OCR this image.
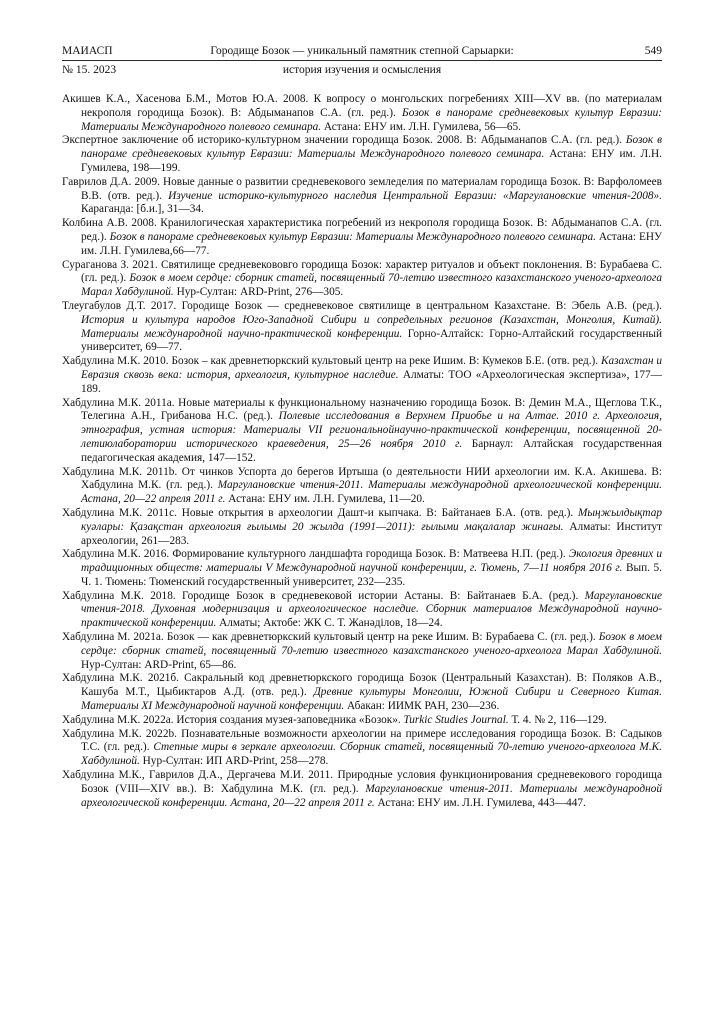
МАИАСП	Городище Бозок — уникальный памятник степной Сарыарки:	549
№ 15. 2023	история изучения и осмысления

Акишев К.А., Хасенова Б.М., Мотов Ю.А. 2008. К вопросу о монгольских погребениях XIII—XV вв. (по материалам некрополя городища Бозок). В: Абдыманапов С.А. (гл. ред.). Бозок в панораме средневековых культур Евразии: Материалы Международного полевого семинара. Астана: ЕНУ им. Л.Н. Гумилева, 56—65.

Экспертное заключение об историко-культурном значении городища Бозок. 2008. В: Абдыманапов С.А. (гл. ред.). Бозок в панораме средневековых культур Евразии: Материалы Международного полевого семинара. Астана: ЕНУ им. Л.Н. Гумилева, 198—199.

Гаврилов Д.А. 2009. Новые данные о развитии средневекового земледелия по материалам городища Бозок. В: Варфоломеев В.В. (отв. ред.). Изучение историко-культурного наследия Центральной Евразии: «Маргулановские чтения-2008». Караганда: [б.и.], 31—34.

Колбина А.В. 2008. Кранилогическая характеристика погребений из некрополя городища Бозок. В: Абдыманапов С.А. (гл. ред.). Бозок в панораме средневековых культур Евразии: Материалы Международного полевого семинара. Астана: ЕНУ им. Л.Н. Гумилева,66—77.

Сураганова З. 2021. Святилище средневекововго городища Бозок: характер ритуалов и объект поклонения. В: Бурабаева С. (гл. ред.). Бозок в моем сердце: сборник статей, посвященный 70-летию известного казахстанского ученого-археолога Марал Хабдулиной. Нур-Султан: ARD-Print, 276—305.

Тлеугабулов Д.Т. 2017. Городище Бозок — средневековое святилище в центральном Казахстане. В: Эбель А.В. (ред.). История и культура народов Юго-Западной Сибири и сопредельных регионов (Казахстан, Монголия, Китай). Материалы международной научно-практической конференции. Горно-Алтайск: Горно-Алтайский государственный университет, 69—77.

Хабдулина М.К. 2010. Бозок – как древнетюркский культовый центр на реке Ишим. В: Кумеков Б.Е. (отв. ред.). Казахстан и Евразия сквозь века: история, археология, культурное наследие. Алматы: ТОО «Археологическая экспертиза», 177—189.

Хабдулина М.К. 2011a. Новые материалы к функциональному назначению городища Бозок. В: Демин М.А., Щеглова Т.К., Телегина А.Н., Грибанова Н.С. (ред.). Полевые исследования в Верхнем Приобье и на Алтае. 2010 г. Археология, этнография, устная история: Материалы VII региональнойнаучно-практической конференции, посвященной 20-летиюлаборатории исторического краеведения, 25—26 ноября 2010 г. Барнаул: Алтайская государственная педагогическая академия, 147—152.

Хабдулина М.К. 2011b. От чинков Успорта до берегов Иртыша (о деятельности НИИ археологии им. К.А. Акишева. В: Хабдулина М.К. (гл. ред.). Маргулановские чтения-2011. Материалы международной археологической конференции. Астана, 20—22 апреля 2011 г. Астана: ЕНУ им. Л.Н. Гумилева, 11—20.

Хабдулина М.К. 2011c. Новые открытия в археологии Дашт-и кыпчака. В: Байтанаев Б.А. (отв. ред.). Мыңжылдықтар куәлары: Қазақстан археология ғылымы 20 жылда (1991—2011): ғылыми мақалалар жинағы. Алматы: Институт археологии, 261—283.

Хабдулина М.К. 2016. Формирование культурного ландшафта городища Бозок. В: Матвеева Н.П. (ред.). Экология древних и традиционных обществ: материалы V Международной научной конференции, г. Тюмень, 7—11 ноября 2016 г. Вып. 5. Ч. 1. Тюмень: Тюменский государственный университет, 232—235.

Хабдулина М.К. 2018. Городище Бозок в средневековой истории Астаны. В: Байтанаев Б.А. (ред.). Маргулановские чтения-2018. Духовная модернизация и археологическое наследие. Сборник материалов Международной научно-практической конференции. Алматы; Актобе: ЖК С. Т. Жанәділов, 18—24.

Хабдулина М. 2021a. Бозок — как древнетюркский культовый центр на реке Ишим. В: Бурабаева С. (гл. ред.). Бозок в моем сердце: сборник статей, посвященный 70-летию известного казахстанского ученого-археолога Марал Хабдулиной. Нур-Султан: ARD-Print, 65—86.

Хабдулина М.К. 2021б. Сакральный код древнетюркского городища Бозок (Центральный Казахстан). В: Поляков А.В., Кашуба М.Т., Цыбиктаров А.Д. (отв. ред.). Древние культуры Монголии, Южной Сибири и Северного Китая. Материалы XI Международной научной конференции. Абакан: ИИМК РАН, 230—236.

Хабдулина М.К. 2022a. История создания музея-заповедника «Бозок». Turkic Studies Journal. Т. 4. № 2, 116—129.

Хабдулина М.К. 2022b. Познавательные возможности археологии на примере исследования городища Бозок. В: Садыков Т.С. (гл. ред.). Степные миры в зеркале археологии. Сборник статей, посвященный 70-летию ученого-археолога М.К. Хабдулиной. Нур-Султан: ИП ARD-Print, 258—278.

Хабдулина М.К., Гаврилов Д.А., Дергачева М.И. 2011. Природные условия функционирования средневекового городища Бозок (VIII—XIV вв.). В: Хабдулина М.К. (гл. ред.). Маргулановские чтения-2011. Материалы международной археологической конференции. Астана, 20—22 апреля 2011 г. Астана: ЕНУ им. Л.Н. Гумилева, 443—447.
